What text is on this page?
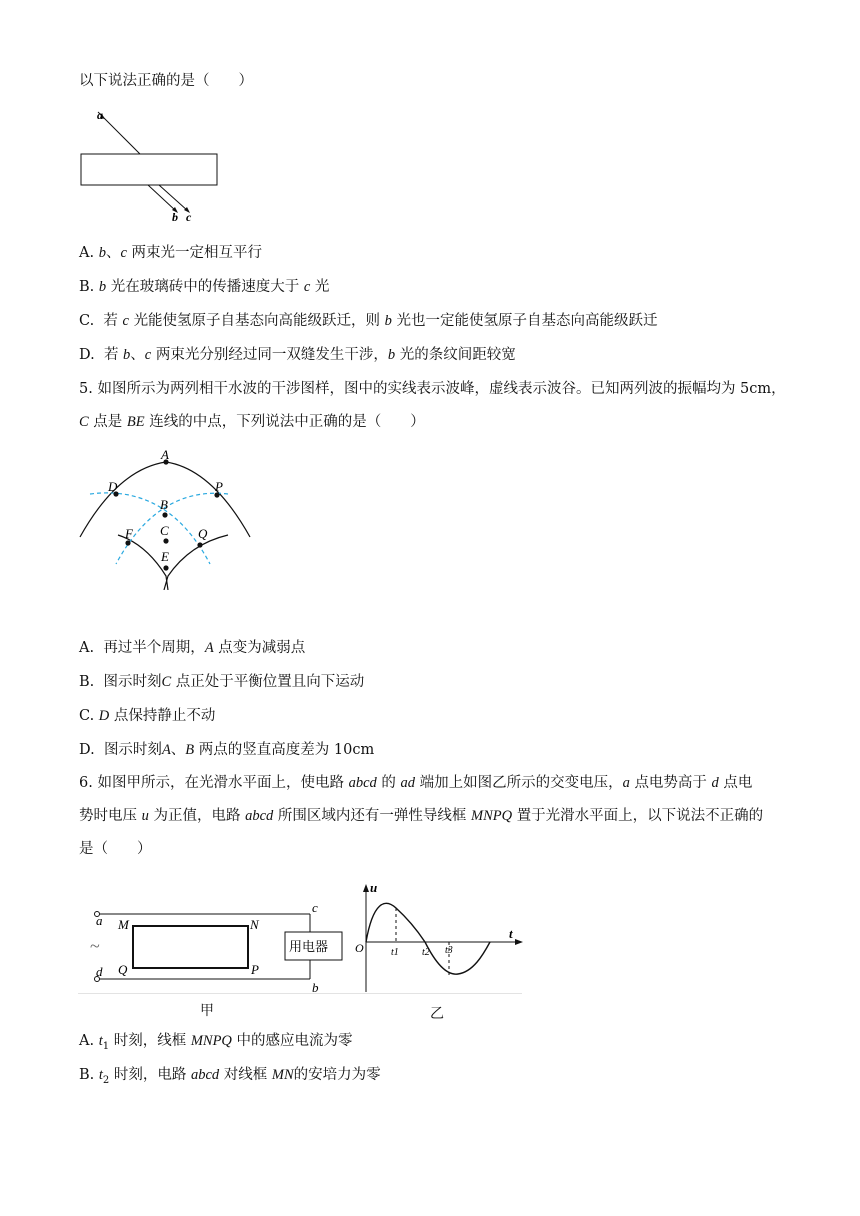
以下说法正确的是（　　）
a
b c
A. b、c 两束光一定相互平行
B. b 光在玻璃砖中的传播速度大于 c 光
C. 若 c 光能使氢原子自基态向高能级跃迁，则 b 光也一定能使氢原子自基态向高能级跃迁
D. 若 b、c 两束光分别经过同一双缝发生干涉，b 光的条纹间距较宽
5. 如图所示为两列相干水波的干涉图样，图中的实线表示波峰，虚线表示波谷。已知两列波的振幅均为 5cm，
C 点是 BE 连线的中点，下列说法中正确的是（　　）
A
D	P
B
C
F	Q
E
A. 再过半个周期，A 点变为减弱点
B. 图示时刻C 点正处于平衡位置且向下运动
C. D 点保持静止不动
D. 图示时刻A、B 两点的竖直高度差为 10cm
6. 如图甲所示，在光滑水平面上，使电路 abcd 的 ad 端加上如图乙所示的交变电压，a 点电势高于 d 点电
势时电压 u 为正值，电路 abcd 所围区域内还有一弹性导线框 MNPQ 置于光滑水平面上，以下说法不正确的
是（　　）
a
d
c
b
M	N
Q	P
~	用电器
u
t
O	t1 t2 t3
甲	乙
A. $t_1$ 时刻，线框 MNPQ 中的感应电流为零
B. $t_2$ 时刻，电路 abcd 对线框 MN的安培力为零
